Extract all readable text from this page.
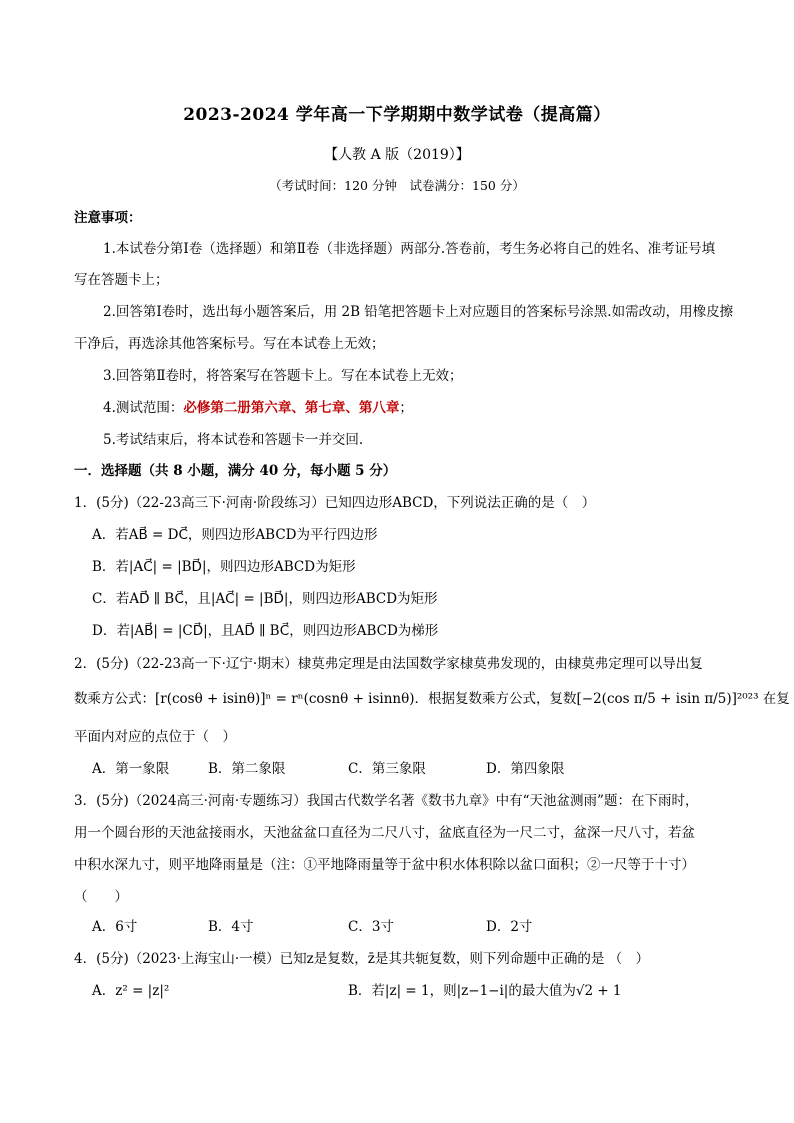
2023-2024 学年高一下学期期中数学试卷（提高篇）
【人教 A 版（2019）】
（考试时间：120 分钟　试卷满分：150 分）
注意事项：
1.本试卷分第Ⅰ卷（选择题）和第Ⅱ卷（非选择题）两部分.答卷前，考生务必将自己的姓名、准考证号填
写在答题卡上；
2.回答第Ⅰ卷时，选出每小题答案后，用 2B 铅笔把答题卡上对应题目的答案标号涂黑.如需改动，用橡皮擦
干净后，再选涂其他答案标号。写在本试卷上无效；
3.回答第Ⅱ卷时，将答案写在答题卡上。写在本试卷上无效；
4.测试范围：必修第二册第六章、第七章、第八章；
5.考试结束后，将本试卷和答题卡一并交回.
一．选择题（共 8 小题，满分 40 分，每小题 5 分）
1．(5分)（22-23高三下·河南·阶段练习）已知四边形ABCD，下列说法正确的是（　）
A．若AB⃗ = DC⃗，则四边形ABCD为平行四边形
B．若|AC⃗| = |BD⃗|，则四边形ABCD为矩形
C．若AD⃗ ∥ BC⃗，且|AC⃗| = |BD⃗|，则四边形ABCD为矩形
D．若|AB⃗| = |CD⃗|，且AD⃗ ∥ BC⃗，则四边形ABCD为梯形
2．(5分)（22-23高一下·辽宁·期末）棣莫弗定理是由法国数学家棣莫弗发现的，由棣莫弗定理可以导出复
数乘方公式：[r(cosθ + isinθ)]ⁿ = rⁿ(cosnθ + isinnθ)．根据复数乘方公式，复数[−2(cos π/5 + isin π/5)]²⁰²³ 在复
平面内对应的点位于（　）
A．第一象限	B．第二象限	C．第三象限	D．第四象限
3．(5分)（2024高三·河南·专题练习）我国古代数学名著《数书九章》中有“天池盆测雨”题：在下雨时，
用一个圆台形的天池盆接雨水，天池盆盆口直径为二尺八寸，盆底直径为一尺二寸，盆深一尺八寸，若盆
中积水深九寸，则平地降雨量是（注：①平地降雨量等于盆中积水体积除以盆口面积；②一尺等于十寸）
（　　）
A．6寸	B．4寸	C．3寸	D．2寸
4．(5分)（2023·上海宝山·一模）已知z是复数，z̄是其共轭复数，则下列命题中正确的是 （　）
A．z² = |z|²	B．若|z| = 1，则|z−1−i|的最大值为√2 + 1
